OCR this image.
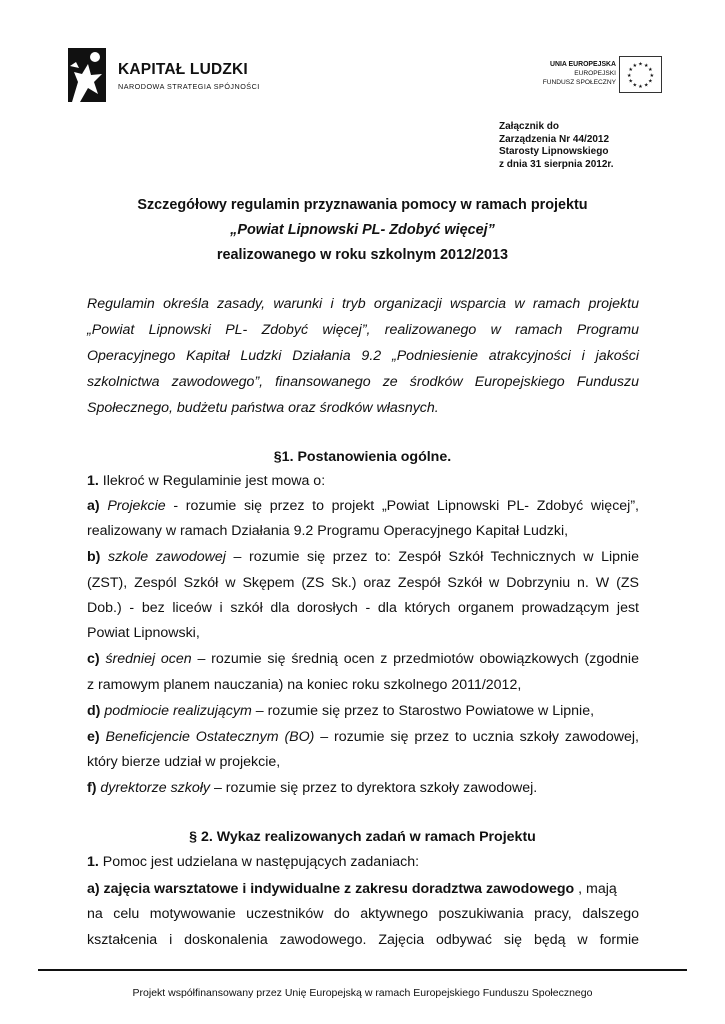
KAPITAŁ LUDZKI
NARODOWA STRATEGIA SPÓJNOŚCI
UNIA EUROPEJSKA
EUROPEJSKI
FUNDUSZ SPOŁECZNY
★ ★
★
★
★
★
★
★
★
★
★
★
Załącznik do
Zarządzenia Nr 44/2012
Starosty Lipnowskiego
z dnia 31 sierpnia 2012r.
Szczegółowy regulamin przyznawania pomocy w ramach projektu
„Powiat Lipnowski PL- Zdobyć więcej”
realizowanego w roku szkolnym 2012/2013
Regulamin określa zasady, warunki i tryb organizacji wsparcia w ramach projektu
„Powiat Lipnowski PL- Zdobyć więcej”, realizowanego w ramach Programu
Operacyjnego Kapitał Ludzki Działania 9.2 „Podniesienie atrakcyjności i jakości
szkolnictwa zawodowego”, finansowanego ze środków Europejskiego Funduszu
Społecznego, budżetu państwa oraz środków własnych.
§1. Postanowienia ogólne.
1. Ilekroć w Regulaminie jest mowa o:
a) Projekcie - rozumie się przez to projekt „Powiat Lipnowski PL- Zdobyć więcej”,
realizowany w ramach Działania 9.2 Programu Operacyjnego Kapitał Ludzki,
b) szkole zawodowej – rozumie się przez to: Zespół Szkół Technicznych w Lipnie
(ZST), Zespól Szkół w Skępem (ZS Sk.) oraz Zespół Szkół w Dobrzyniu n. W (ZS
Dob.) - bez liceów i szkół dla dorosłych - dla których organem prowadzącym jest
Powiat Lipnowski,
c) średniej ocen – rozumie się średnią ocen z przedmiotów obowiązkowych (zgodnie
z ramowym planem nauczania) na koniec roku szkolnego 2011/2012,
d) podmiocie realizującym – rozumie się przez to Starostwo Powiatowe w Lipnie,
e) Beneficjencie Ostatecznym (BO) – rozumie się przez to ucznia szkoły zawodowej,
który bierze udział w projekcie,
f) dyrektorze szkoły – rozumie się przez to dyrektora szkoły zawodowej.
§ 2. Wykaz realizowanych zadań w ramach Projektu
1. Pomoc jest udzielana w następujących zadaniach:
a) zajęcia warsztatowe i indywidualne z zakresu doradztwa zawodowego , mają
na celu motywowanie uczestników do aktywnego poszukiwania pracy, dalszego
kształcenia i doskonalenia zawodowego. Zajęcia odbywać się będą w formie
Projekt współfinansowany przez Unię Europejską w ramach Europejskiego Funduszu Społecznego
